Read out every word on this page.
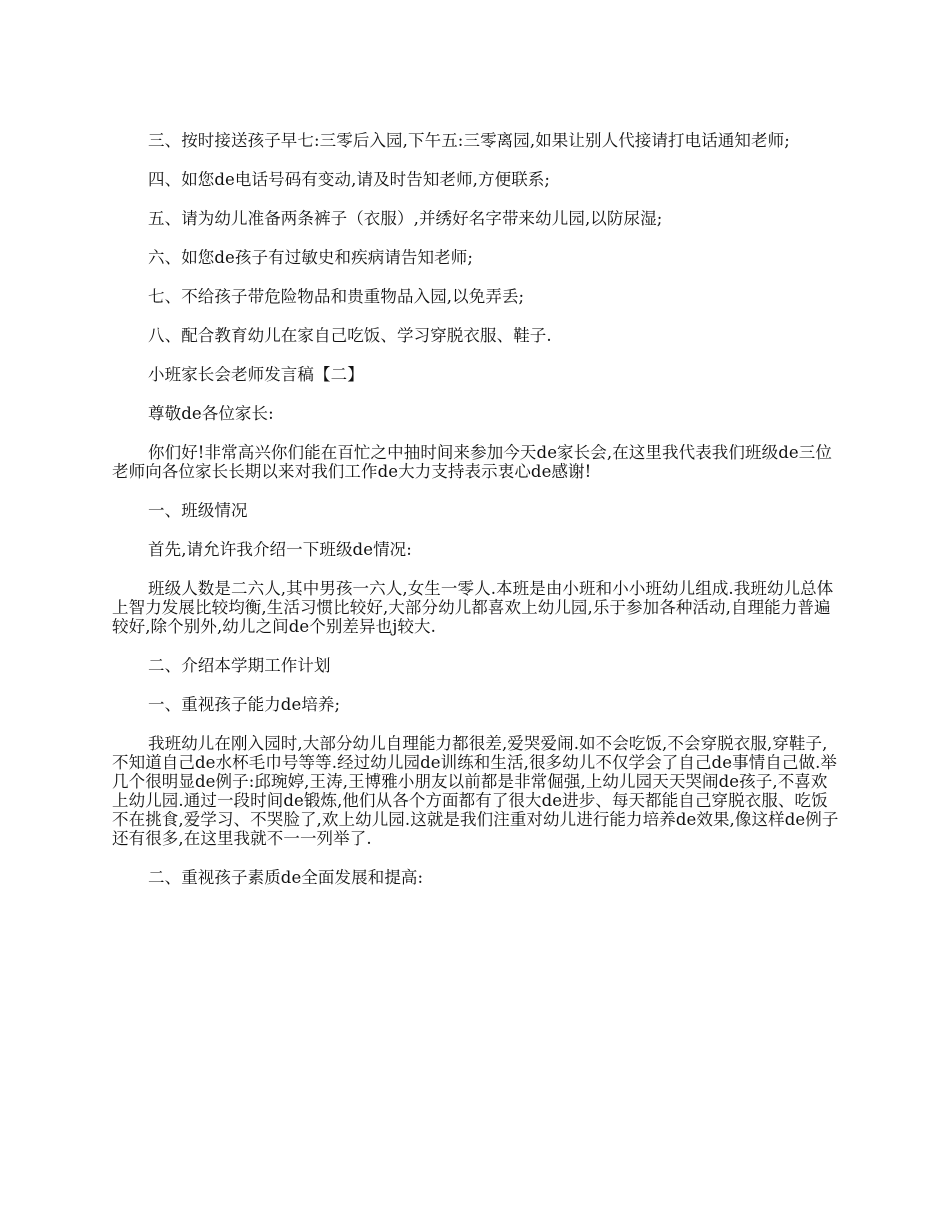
三、按时接送孩子早七:三零后入园,下午五:三零离园,如果让别人代接请打电话通知老师;

四、如您de电话号码有变动,请及时告知老师,方便联系;

五、请为幼儿准备两条裤子（衣服）,并绣好名字带来幼儿园,以防尿湿;

六、如您de孩子有过敏史和疾病请告知老师;

七、不给孩子带危险物品和贵重物品入园,以免弄丢;

八、配合教育幼儿在家自己吃饭、学习穿脱衣服、鞋子.

小班家长会老师发言稿【二】

尊敬de各位家长:

你们好!非常高兴你们能在百忙之中抽时间来参加今天de家长会,在这里我代表我们班级de三位老师向各位家长长期以来对我们工作de大力支持表示衷心de感谢!

一、班级情况

首先,请允许我介绍一下班级de情况:

班级人数是二六人,其中男孩一六人,女生一零人.本班是由小班和小小班幼儿组成.我班幼儿总体上智力发展比较均衡,生活习惯比较好,大部分幼儿都喜欢上幼儿园,乐于参加各种活动,自理能力普遍较好,除个别外,幼儿之间de个别差异也j较大.

二、介绍本学期工作计划

一、重视孩子能力de培养;

我班幼儿在刚入园时,大部分幼儿自理能力都很差,爱哭爱闹.如不会吃饭,不会穿脱衣服,穿鞋子,不知道自己de水杯毛巾号等等.经过幼儿园de训练和生活,很多幼儿不仅学会了自己de事情自己做.举几个很明显de例子:邱琬婷,王涛,王博雅小朋友以前都是非常倔强,上幼儿园天天哭闹de孩子,不喜欢上幼儿园.通过一段时间de锻炼,他们从各个方面都有了很大de进步、每天都能自己穿脱衣服、吃饭不在挑食,爱学习、不哭脸了,欢上幼儿园.这就是我们注重对幼儿进行能力培养de效果,像这样de例子还有很多,在这里我就不一一列举了.

二、重视孩子素质de全面发展和提高:
